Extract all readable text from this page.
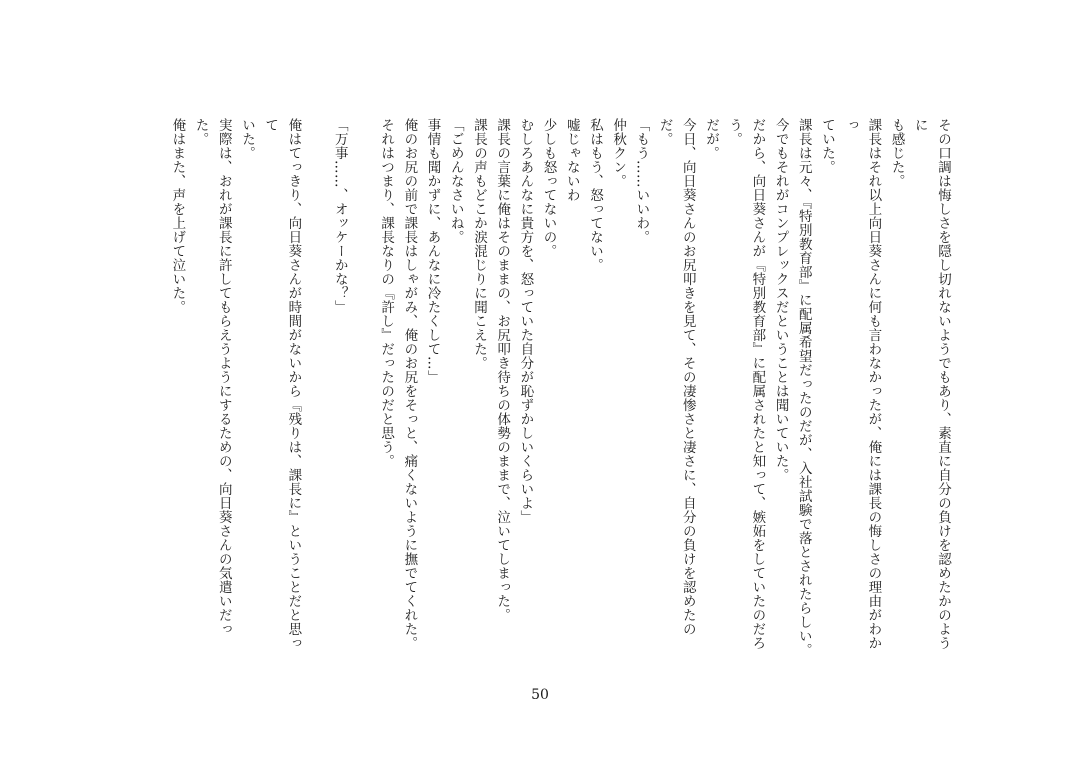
その口調は悔しさを隠し切れないようでもあり、素直に自分の負けを認めたかのように

も感じた。

課長はそれ以上向日葵さんに何も言わなかったが、俺には課長の悔しさの理由がわかっ

ていた。

課長は元々、『特別教育部』に配属希望だったのだが、入社試験で落とされたらしい。

今でもそれがコンプレックスだということは聞いていた。

だから、向日葵さんが『特別教育部』に配属されたと知って、嫉妬をしていたのだろう。

だが。

今日、向日葵さんのお尻叩きを見て、その凄惨さと凄さに、自分の負けを認めたのだ。

「もう……いいわ。

仲秋クン。

私はもう、怒ってない。

嘘じゃないわ

少しも怒ってないの。

むしろあんなに貴方を、怒っていた自分が恥ずかしいくらいよ」

課長の言葉に俺はそのままの、お尻叩き待ちの体勢のままで、泣いてしまった。

課長の声もどこか涙混じりに聞こえた。

「ごめんなさいね。

事情も聞かずに、あんなに冷たくして…」

俺のお尻の前で課長はしゃがみ、俺のお尻をそっと、痛くないように撫でてくれた。

それはつまり、課長なりの『許し』だったのだと思う。

「万事……、オッケーかな？」

俺はてっきり、向日葵さんが時間がないから『残りは、課長に』ということだと思って

いた。

実際は、おれが課長に許してもらえうようにするための、向日葵さんの気遣いだった。

俺はまた、声を上げて泣いた。

50
